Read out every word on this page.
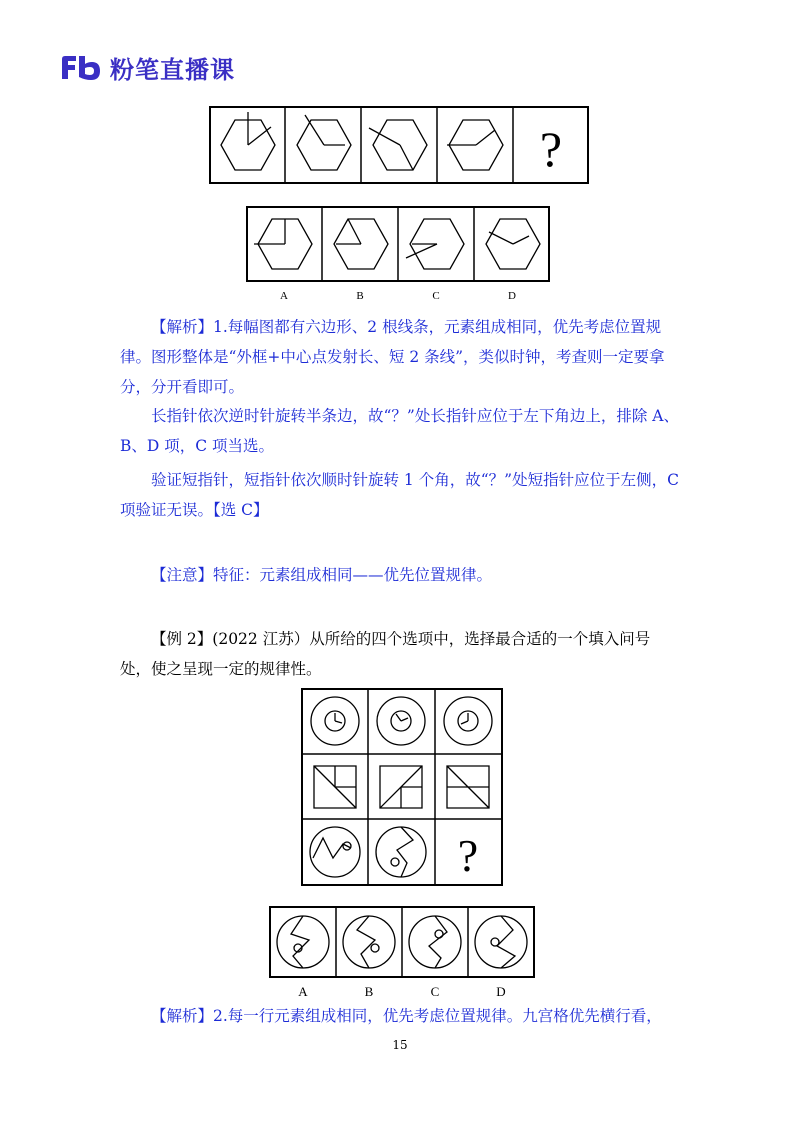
粉笔直播课
?
A	B	C	D
【解析】1.每幅图都有六边形、2 根线条，元素组成相同，优先考虑位置规律。图形整体是“外框+中心点发射长、短 2 条线”，类似时钟，考查则一定要拿分，分开看即可。
长指针依次逆时针旋转半条边，故“？”处长指针应位于左下角边上，排除 A、B、D 项，C 项当选。
验证短指针，短指针依次顺时针旋转 1 个角，故“？”处短指针应位于左侧，C 项验证无误。【选 C】
【注意】特征：元素组成相同——优先位置规律。
【例 2】(2022 江苏）从所给的四个选项中，选择最合适的一个填入问号处，使之呈现一定的规律性。
?
A	B	C	D
【解析】2.每一行元素组成相同，优先考虑位置规律。九宫格优先横行看，
15
